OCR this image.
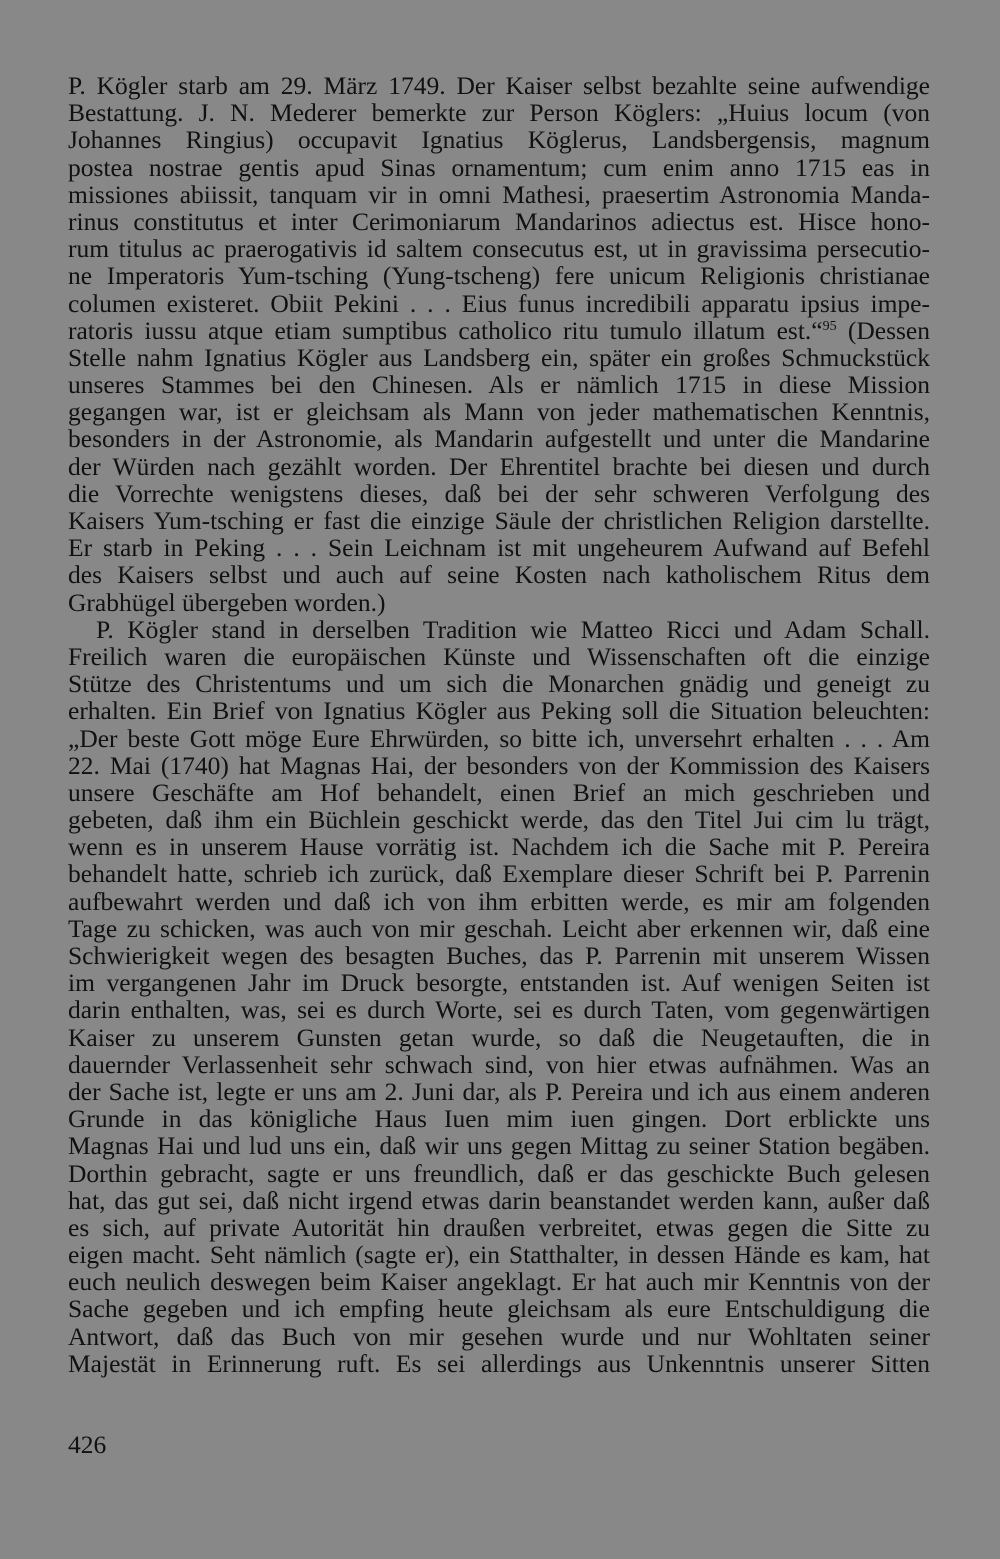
P. Kögler starb am 29. März 1749. Der Kaiser selbst bezahlte seine aufwendige
Bestattung. J. N. Mederer bemerkte zur Person Köglers: „Huius locum (von
Johannes Ringius) occupavit Ignatius Köglerus, Landsbergensis, magnum
postea nostrae gentis apud Sinas ornamentum; cum enim anno 1715 eas in
missiones abiissit, tanquam vir in omni Mathesi, praesertim Astronomia Manda-
rinus constitutus et inter Cerimoniarum Mandarinos adiectus est. Hisce hono-
rum titulus ac praerogativis id saltem consecutus est, ut in gravissima persecutio-
ne Imperatoris Yum-tsching (Yung-tscheng) fere unicum Religionis christianae
columen existeret. Obiit Pekini . . . Eius funus incredibili apparatu ipsius impe-
ratoris iussu atque etiam sumptibus catholico ritu tumulo illatum est.“$^{95}$ (Dessen
Stelle nahm Ignatius Kögler aus Landsberg ein, später ein großes Schmuckstück
unseres Stammes bei den Chinesen. Als er nämlich 1715 in diese Mission
gegangen war, ist er gleichsam als Mann von jeder mathematischen Kenntnis,
besonders in der Astronomie, als Mandarin aufgestellt und unter die Mandarine
der Würden nach gezählt worden. Der Ehrentitel brachte bei diesen und durch
die Vorrechte wenigstens dieses, daß bei der sehr schweren Verfolgung des
Kaisers Yum-tsching er fast die einzige Säule der christlichen Religion darstellte.
Er starb in Peking . . . Sein Leichnam ist mit ungeheurem Aufwand auf Befehl
des Kaisers selbst und auch auf seine Kosten nach katholischem Ritus dem
Grabhügel übergeben worden.)

P. Kögler stand in derselben Tradition wie Matteo Ricci und Adam Schall.
Freilich waren die europäischen Künste und Wissenschaften oft die einzige
Stütze des Christentums und um sich die Monarchen gnädig und geneigt zu
erhalten. Ein Brief von Ignatius Kögler aus Peking soll die Situation beleuchten:
„Der beste Gott möge Eure Ehrwürden, so bitte ich, unversehrt erhalten . . . Am
22. Mai (1740) hat Magnas Hai, der besonders von der Kommission des Kaisers
unsere Geschäfte am Hof behandelt, einen Brief an mich geschrieben und
gebeten, daß ihm ein Büchlein geschickt werde, das den Titel Jui cim lu trägt,
wenn es in unserem Hause vorrätig ist. Nachdem ich die Sache mit P. Pereira
behandelt hatte, schrieb ich zurück, daß Exemplare dieser Schrift bei P. Parrenin
aufbewahrt werden und daß ich von ihm erbitten werde, es mir am folgenden
Tage zu schicken, was auch von mir geschah. Leicht aber erkennen wir, daß eine
Schwierigkeit wegen des besagten Buches, das P. Parrenin mit unserem Wissen
im vergangenen Jahr im Druck besorgte, entstanden ist. Auf wenigen Seiten ist
darin enthalten, was, sei es durch Worte, sei es durch Taten, vom gegenwärtigen
Kaiser zu unserem Gunsten getan wurde, so daß die Neugetauften, die in
dauernder Verlassenheit sehr schwach sind, von hier etwas aufnähmen. Was an
der Sache ist, legte er uns am 2. Juni dar, als P. Pereira und ich aus einem anderen
Grunde in das königliche Haus Iuen mim iuen gingen. Dort erblickte uns
Magnas Hai und lud uns ein, daß wir uns gegen Mittag zu seiner Station begäben.
Dorthin gebracht, sagte er uns freundlich, daß er das geschickte Buch gelesen
hat, das gut sei, daß nicht irgend etwas darin beanstandet werden kann, außer daß
es sich, auf private Autorität hin draußen verbreitet, etwas gegen die Sitte zu
eigen macht. Seht nämlich (sagte er), ein Statthalter, in dessen Hände es kam, hat
euch neulich deswegen beim Kaiser angeklagt. Er hat auch mir Kenntnis von der
Sache gegeben und ich empfing heute gleichsam als eure Entschuldigung die
Antwort, daß das Buch von mir gesehen wurde und nur Wohltaten seiner
Majestät in Erinnerung ruft. Es sei allerdings aus Unkenntnis unserer Sitten

426
